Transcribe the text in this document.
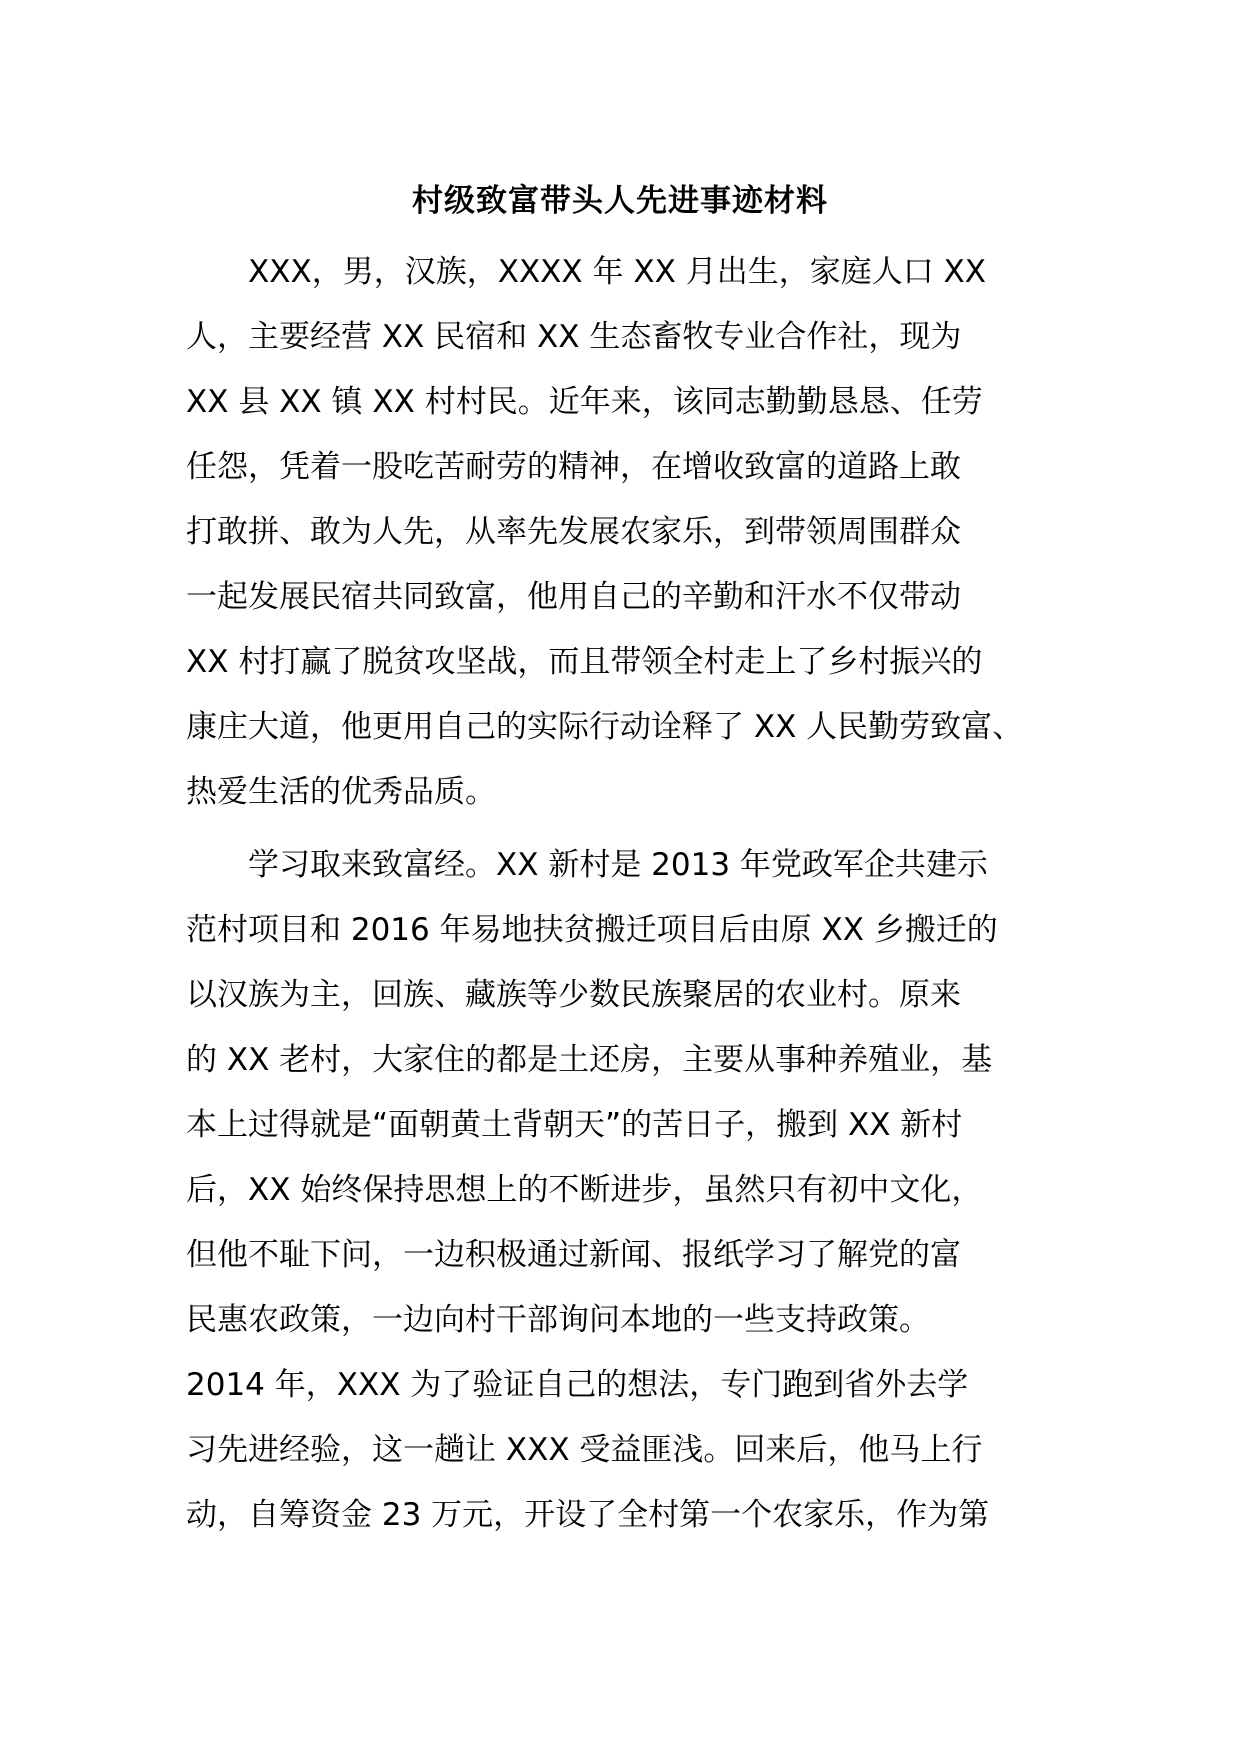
村级致富带头人先进事迹材料
　　XXX，男，汉族，XXXX 年 XX 月出生，家庭人口 XX
人，主要经营 XX 民宿和 XX 生态畜牧专业合作社，现为
XX 县 XX 镇 XX 村村民。近年来，该同志勤勤恳恳、任劳
任怨，凭着一股吃苦耐劳的精神，在增收致富的道路上敢
打敢拼、敢为人先，从率先发展农家乐，到带领周围群众
一起发展民宿共同致富，他用自己的辛勤和汗水不仅带动
XX 村打赢了脱贫攻坚战，而且带领全村走上了乡村振兴的
康庄大道，他更用自己的实际行动诠释了 XX 人民勤劳致富、
热爱生活的优秀品质。
　　学习取来致富经。XX 新村是 2013 年党政军企共建示
范村项目和 2016 年易地扶贫搬迁项目后由原 XX 乡搬迁的
以汉族为主，回族、藏族等少数民族聚居的农业村。原来
的 XX 老村，大家住的都是土还房，主要从事种养殖业，基
本上过得就是“面朝黄土背朝天”的苦日子，搬到 XX 新村
后，XX 始终保持思想上的不断进步，虽然只有初中文化，
但他不耻下问，一边积极通过新闻、报纸学习了解党的富
民惠农政策，一边向村干部询问本地的一些支持政策。
2014 年，XXX 为了验证自己的想法，专门跑到省外去学
习先进经验，这一趟让 XXX 受益匪浅。回来后，他马上行
动，自筹资金 23 万元，开设了全村第一个农家乐，作为第
